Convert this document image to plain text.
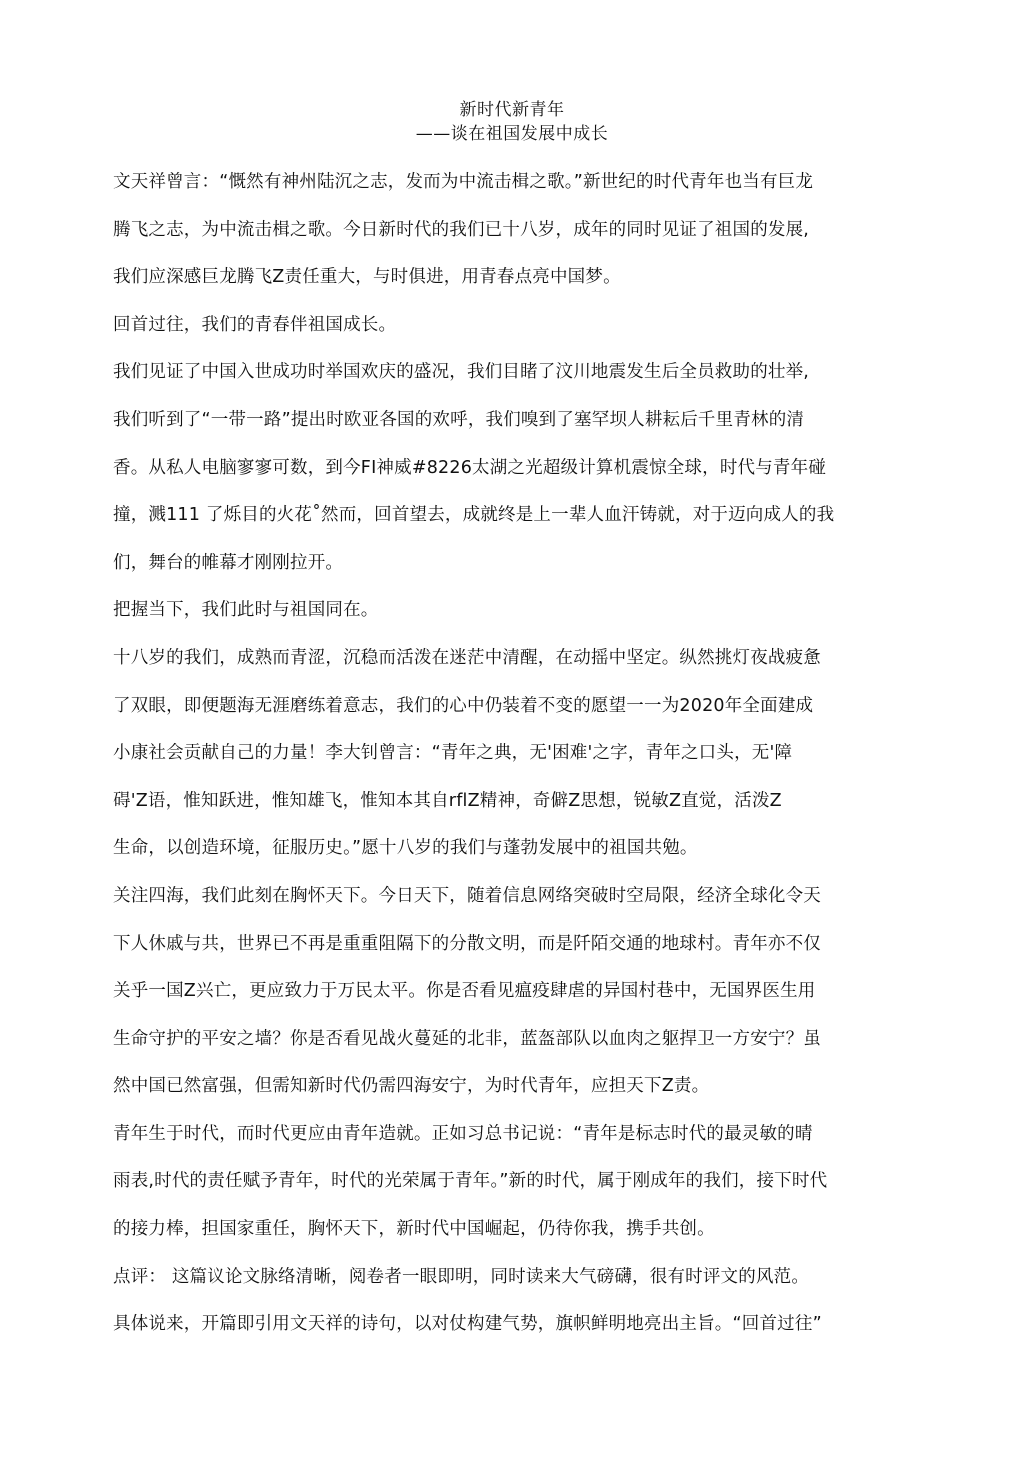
新时代新青年
——谈在祖国发展中成长
文天祥曾言：“慨然有神州陆沉之志，发而为中流击楫之歌。”新世纪的时代青年也当有巨龙
腾飞之志，为中流击楫之歌。今日新时代的我们已十八岁，成年的同时见证了祖国的发展,
我们应深感巨龙腾飞Z责任重大，与时俱进，用青春点亮中国梦。
回首过往，我们的青春伴祖国成长。
我们见证了中国入世成功时举国欢庆的盛况，我们目睹了汶川地震发生后全员救助的壮举,
我们听到了“一带一路”提出时欧亚各国的欢呼，我们嗅到了塞罕坝人耕耘后千里青林的清
香。从私人电脑寥寥可数，到今FI神威#8226太湖之光超级计算机震惊全球，时代与青年碰
撞，溅111 了烁目的火花˚然而，回首望去，成就终是上一辈人血汗铸就，对于迈向成人的我
们，舞台的帷幕才刚刚拉开。
把握当下，我们此时与祖国同在。
十八岁的我们，成熟而青涩，沉稳而活泼在迷茫中清醒，在动摇中坚定。纵然挑灯夜战疲惫
了双眼，即便题海无涯磨练着意志，我们的心中仍装着不变的愿望一一为2020年全面建成
小康社会贡献自己的力量！李大钊曾言：“青年之典，无'困难'之字，青年之口头，无'障
碍'Z语，惟知跃进，惟知雄飞，惟知本其自rflZ精神，奇僻Z思想，锐敏Z直觉，活泼Z
生命，以创造环境，征服历史。”愿十八岁的我们与蓬勃发展中的祖国共勉。
关注四海，我们此刻在胸怀天下。今日天下，随着信息网络突破时空局限，经济全球化令天
下人休戚与共，世界已不再是重重阻隔下的分散文明，而是阡陌交通的地球村。青年亦不仅
关乎一国Z兴亡，更应致力于万民太平。你是否看见瘟疫肆虐的异国村巷中，无国界医生用
生命守护的平安之墙？你是否看见战火蔓延的北非，蓝盔部队以血肉之躯捍卫一方安宁？虽
然中国已然富强，但需知新时代仍需四海安宁，为时代青年，应担天下Z责。
青年生于时代，而时代更应由青年造就。正如习总书记说：“青年是标志时代的最灵敏的晴
雨表,时代的责任赋予青年，时代的光荣属于青年。”新的时代，属于刚成年的我们，接下时代
的接力棒，担国家重任，胸怀天下，新时代中国崛起，仍待你我，携手共创。
点评： 这篇议论文脉络清晰，阅卷者一眼即明，同时读来大气磅礴，很有时评文的风范。
具体说来，开篇即引用文天祥的诗句，以对仗构建气势，旗帜鲜明地亮出主旨。“回首过往”
